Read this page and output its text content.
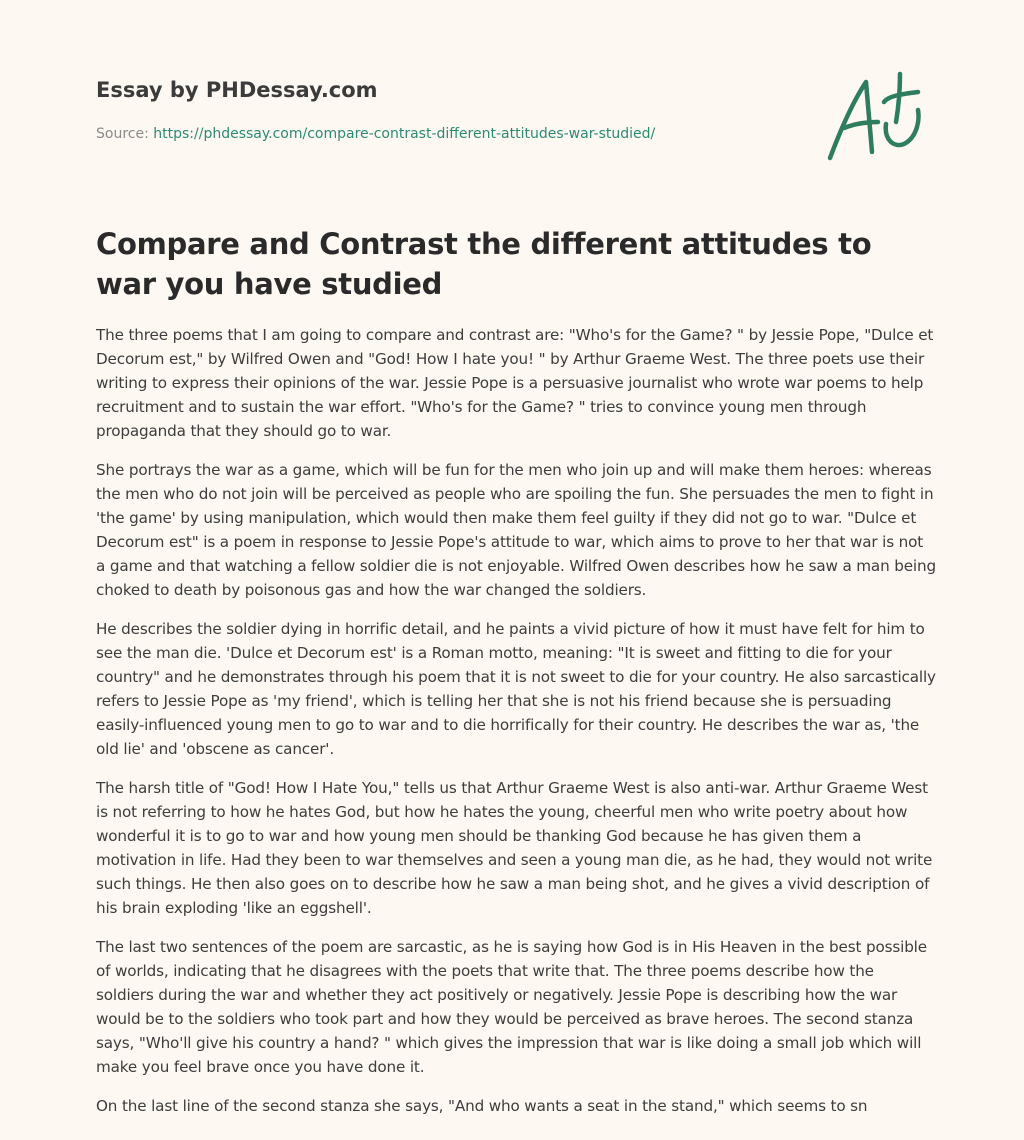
Essay by PHDessay.com
Source: https://phdessay.com/compare-contrast-different-attitudes-war-studied/
Compare and Contrast the different attitudes to war you have studied

The three poems that I am going to compare and contrast are: "Who's for the Game? " by Jessie Pope, "Dulce et Decorum est," by Wilfred Owen and "God! How I hate you! " by Arthur Graeme West. The three poets use their writing to express their opinions of the war. Jessie Pope is a persuasive journalist who wrote war poems to help recruitment and to sustain the war effort. "Who's for the Game? " tries to convince young men through propaganda that they should go to war.

She portrays the war as a game, which will be fun for the men who join up and will make them heroes: whereas the men who do not join will be perceived as people who are spoiling the fun. She persuades the men to fight in 'the game' by using manipulation, which would then make them feel guilty if they did not go to war. "Dulce et Decorum est" is a poem in response to Jessie Pope's attitude to war, which aims to prove to her that war is not a game and that watching a fellow soldier die is not enjoyable. Wilfred Owen describes how he saw a man being choked to death by poisonous gas and how the war changed the soldiers.

He describes the soldier dying in horrific detail, and he paints a vivid picture of how it must have felt for him to see the man die. 'Dulce et Decorum est' is a Roman motto, meaning: "It is sweet and fitting to die for your country" and he demonstrates through his poem that it is not sweet to die for your country. He also sarcastically refers to Jessie Pope as 'my friend', which is telling her that she is not his friend because she is persuading easily-influenced young men to go to war and to die horrifically for their country. He describes the war as, 'the old lie' and 'obscene as cancer'.

The harsh title of "God! How I Hate You," tells us that Arthur Graeme West is also anti-war. Arthur Graeme West is not referring to how he hates God, but how he hates the young, cheerful men who write poetry about how wonderful it is to go to war and how young men should be thanking God because he has given them a motivation in life. Had they been to war themselves and seen a young man die, as he had, they would not write such things. He then also goes on to describe how he saw a man being shot, and he gives a vivid description of his brain exploding 'like an eggshell'.

The last two sentences of the poem are sarcastic, as he is saying how God is in His Heaven in the best possible of worlds, indicating that he disagrees with the poets that write that. The three poems describe how the soldiers during the war and whether they act positively or negatively. Jessie Pope is describing how the war would be to the soldiers who took part and how they would be perceived as brave heroes. The second stanza says, "Who'll give his country a hand? " which gives the impression that war is like doing a small job which will make you feel brave once you have done it.

On the last line of the second stanza she says, "And who wants a seat in the stand," which seems to sn
